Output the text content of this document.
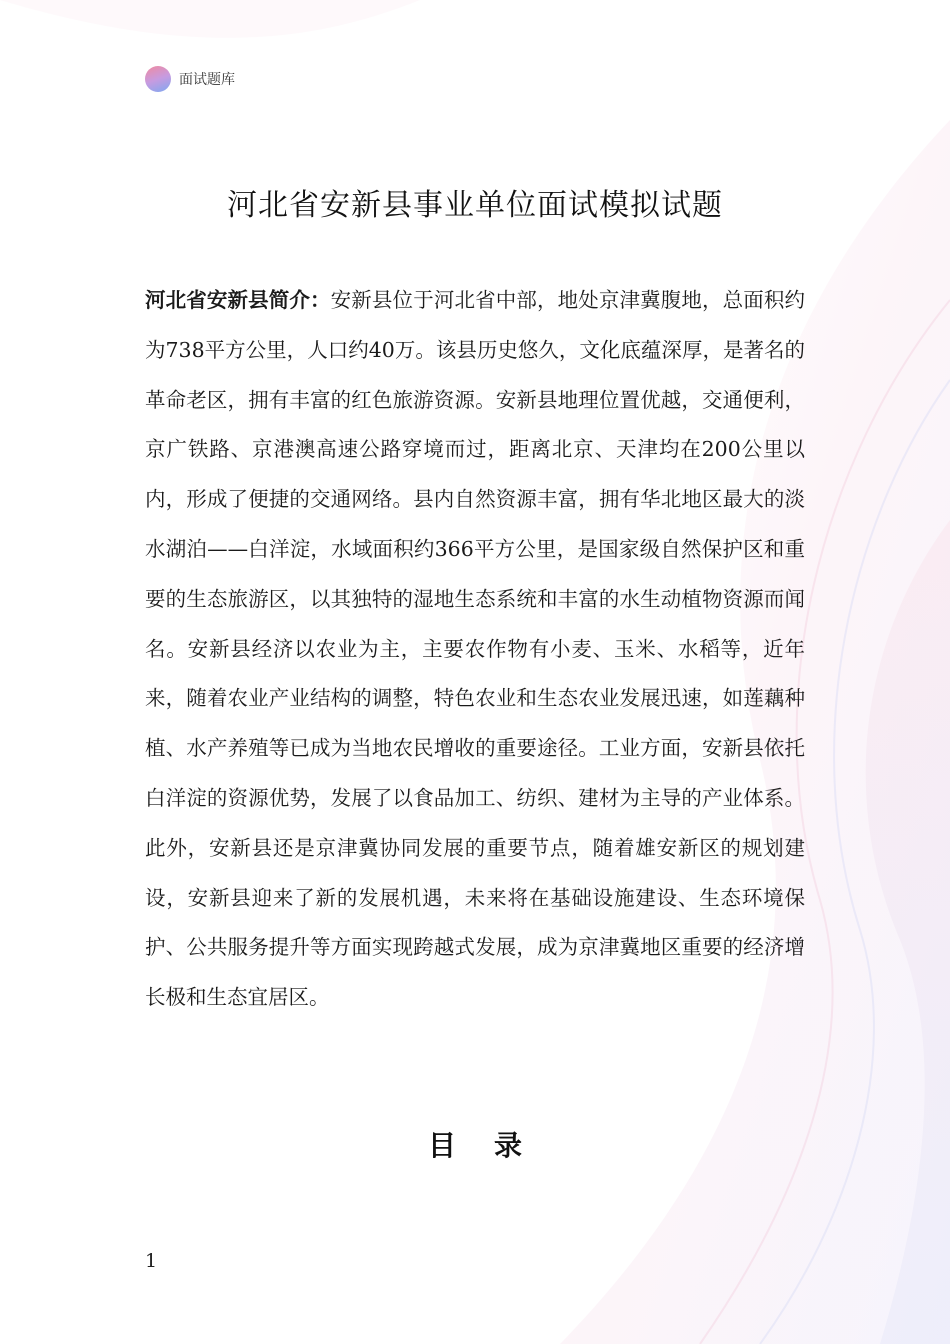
面试题库
河北省安新县事业单位面试模拟试题

河北省安新县简介：安新县位于河北省中部，地处京津冀腹地，总面积约为738平方公里，人口约40万。该县历史悠久，文化底蕴深厚，是著名的革命老区，拥有丰富的红色旅游资源。安新县地理位置优越，交通便利，京广铁路、京港澳高速公路穿境而过，距离北京、天津均在200公里以内，形成了便捷的交通网络。县内自然资源丰富，拥有华北地区最大的淡水湖泊——白洋淀，水域面积约366平方公里，是国家级自然保护区和重要的生态旅游区，以其独特的湿地生态系统和丰富的水生动植物资源而闻名。安新县经济以农业为主，主要农作物有小麦、玉米、水稻等，近年来，随着农业产业结构的调整，特色农业和生态农业发展迅速，如莲藕种植、水产养殖等已成为当地农民增收的重要途径。工业方面，安新县依托白洋淀的资源优势，发展了以食品加工、纺织、建材为主导的产业体系。此外，安新县还是京津冀协同发展的重要节点，随着雄安新区的规划建设，安新县迎来了新的发展机遇，未来将在基础设施建设、生态环境保护、公共服务提升等方面实现跨越式发展，成为京津冀地区重要的经济增长极和生态宜居区。

目录
1
